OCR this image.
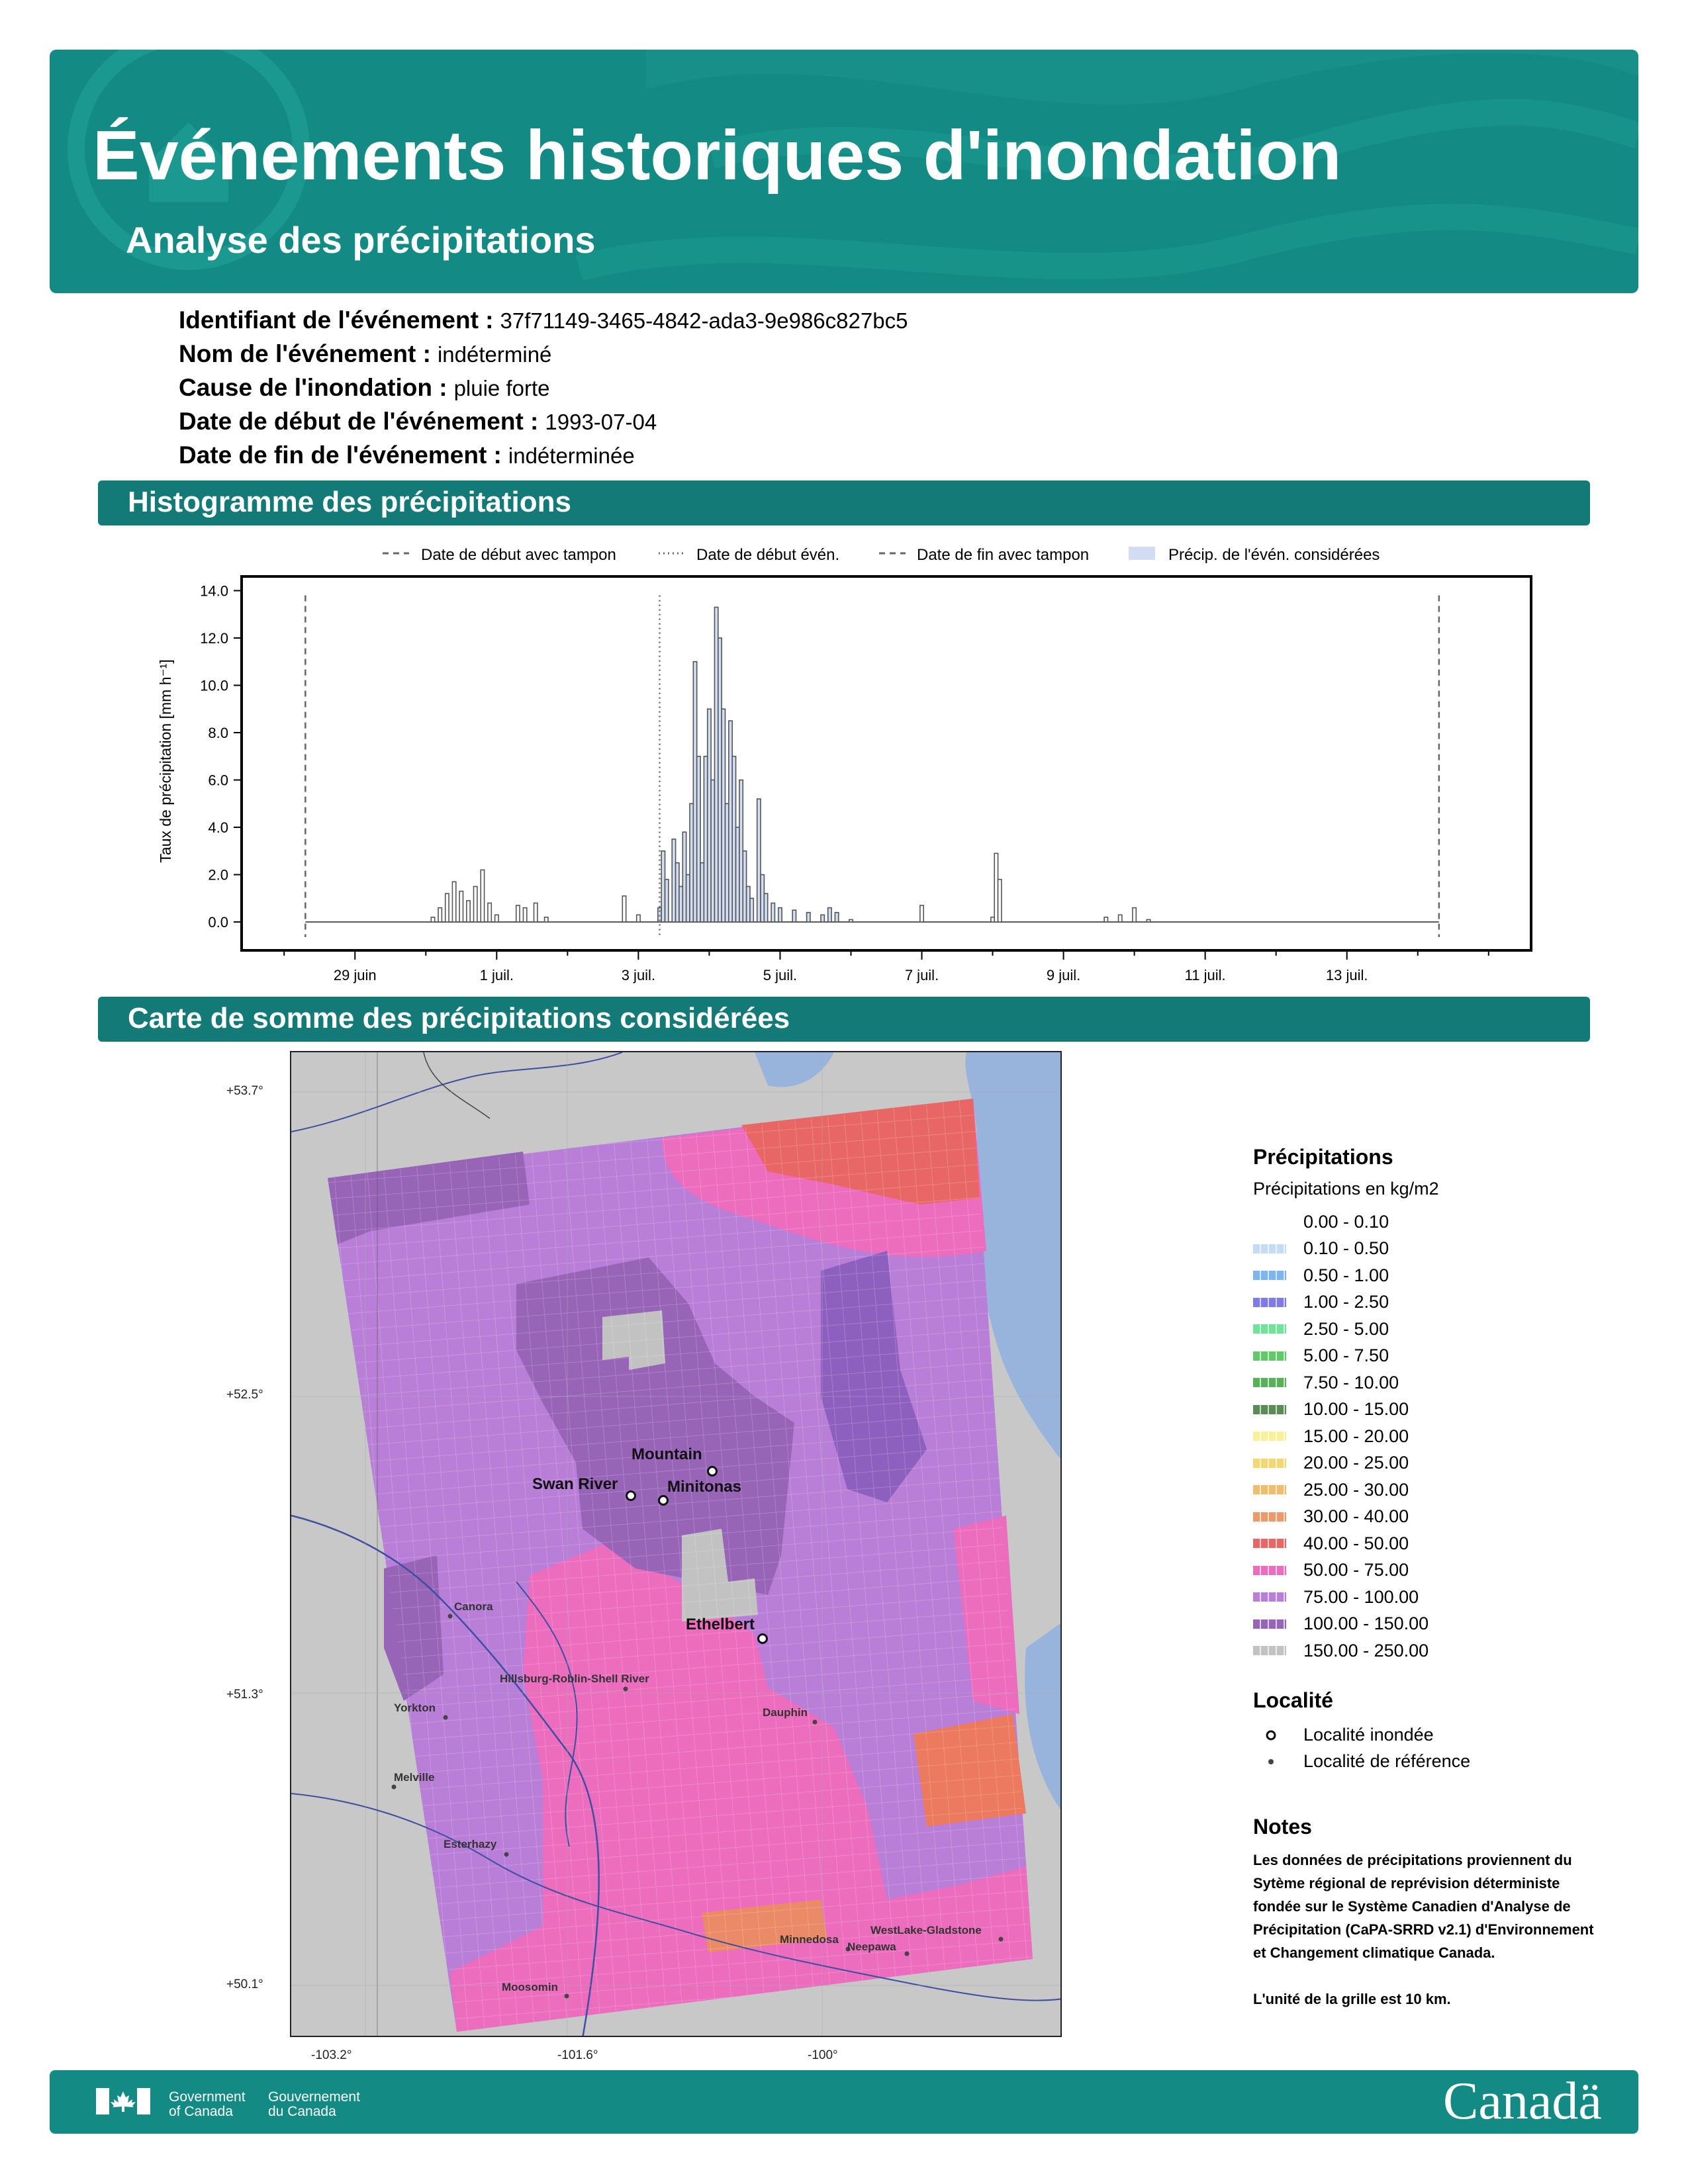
Événements historiques d'inondation
Analyse des précipitations
Identifiant de l'événement : 37f71149-3465-4842-ada3-9e986c827bc5
Nom de l'événement : indéterminé
Cause de l'inondation : pluie forte
Date de début de l'événement : 1993-07-04
Date de fin de l'événement : indéterminée
Histogramme des précipitations
Date de début avec tampon	Date de début évén.	Date de fin avec tampon	Précip. de l'évén. considérées
0.0
2.0
4.0
6.0
8.0
10.0
12.0
14.0
29 juin	1 juil.	3 juil.	5 juil.	7 juil.	9 juil.	11 juil.	13 juil.
Taux de précipitation [mm h⁻¹]
Carte de somme des précipitations considérées
Mountain
Swan River	Minitonas
Ethelbert
Canora
Hillsburg-Roblin-Shell River
Yorkton	Dauphin
Melville
Esterhazy
Minnedosa
WestLake-Gladstone
Neepawa
Moosomin
+53.7°
+52.5°
+51.3°
+50.1°
-103.2°	-101.6°	-100°
Précipitations
Précipitations en kg/m2
0.00 - 0.10
0.10 - 0.50
0.50 - 1.00
1.00 - 2.50
2.50 - 5.00
5.00 - 7.50
7.50 - 10.00
10.00 - 15.00
15.00 - 20.00
20.00 - 25.00
25.00 - 30.00
30.00 - 40.00
40.00 - 50.00
50.00 - 75.00
75.00 - 100.00
100.00 - 150.00
150.00 - 250.00
Localité
Localité inondée
Localité de référence
Notes
Les données de précipitations proviennent du Sytème régional de reprévision déterministe fondée sur le Système Canadien d'Analyse de Précipitation (CaPA-SRRD v2.1) d'Environnement et Changement climatique Canada.
L'unité de la grille est 10 km.
Government
of Canada
Gouvernement
du Canada	Canadä
